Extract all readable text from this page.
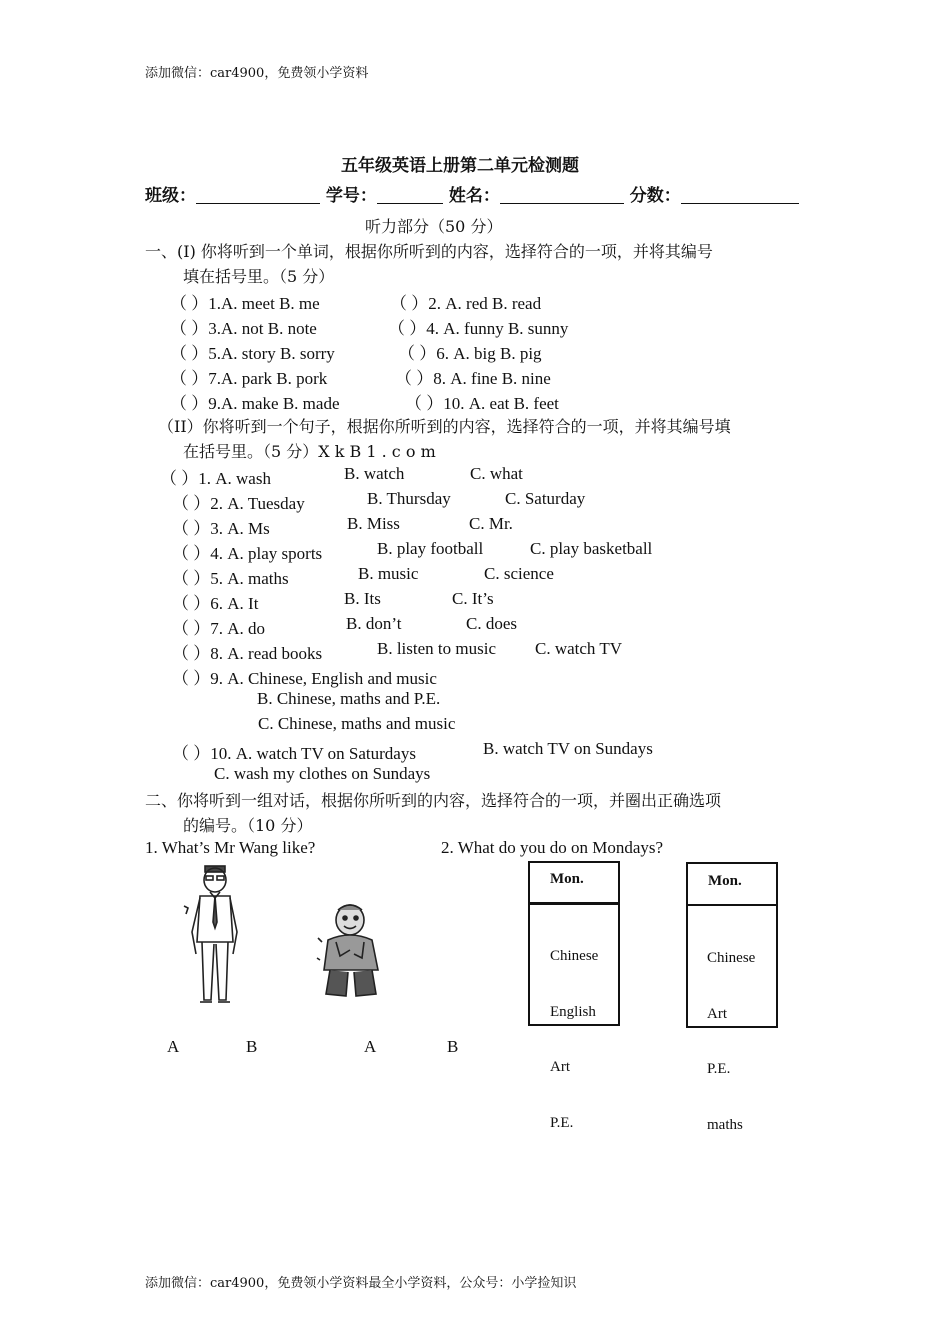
添加微信：car4900，免费领小学资料
五年级英语上册第二单元检测题
班级：	学号：	姓名：	分数：
听力部分（50 分）
一、(I) 你将听到一个单词，根据你所听到的内容，选择符合的一项，并将其编号
填在括号里。（5 分）
（ ）1.A. meet B. me	（ ）2. A. red B. read
（ ）3.A. not B. note	（ ）4. A. funny B. sunny
（ ）5.A. story B. sorry	（ ）6. A. big B. pig
（ ）7.A. park B. pork	（ ）8. A. fine B. nine
（ ）9.A. make B. made	（ ）10. A. eat B. feet
（II）你将听到一个句子，根据你所听到的内容，选择符合的一项，并将其编号填
在括号里。（5 分）X k B 1 . c o m
（ ）1. A. wash	B. watch	C. what
（ ）2. A. Tuesday	B. Thursday	C. Saturday
（ ）3. A. Ms	B. Miss	C. Mr.
（ ）4. A. play sports	B. play football	C. play basketball
（ ）5. A. maths	B. music	C. science
（ ）6. A. It	B. Its	C. It’s
（ ）7. A. do	B. don’t	C. does
（ ）8. A. read books	B. listen to music C. watch TV
（ ）9. A. Chinese, English and music
B. Chinese, maths and P.E.
C. Chinese, maths and music
（ ）10. A. watch TV on Saturdays	B. watch TV on Sundays
C. wash my clothes on Sundays
二、你将听到一组对话，根据你所听到的内容，选择符合的一项，并圈出正确选项
的编号。（10 分）
1. What’s Mr Wang like?	2. What do you do on Mondays?
Mon.

Chinese

English

Art

P.E.

Mon.

Chinese

Art

P.E.

maths

A	B	A	B
添加微信：car4900，免费领小学资料最全小学资料，公众号：小学捡知识
